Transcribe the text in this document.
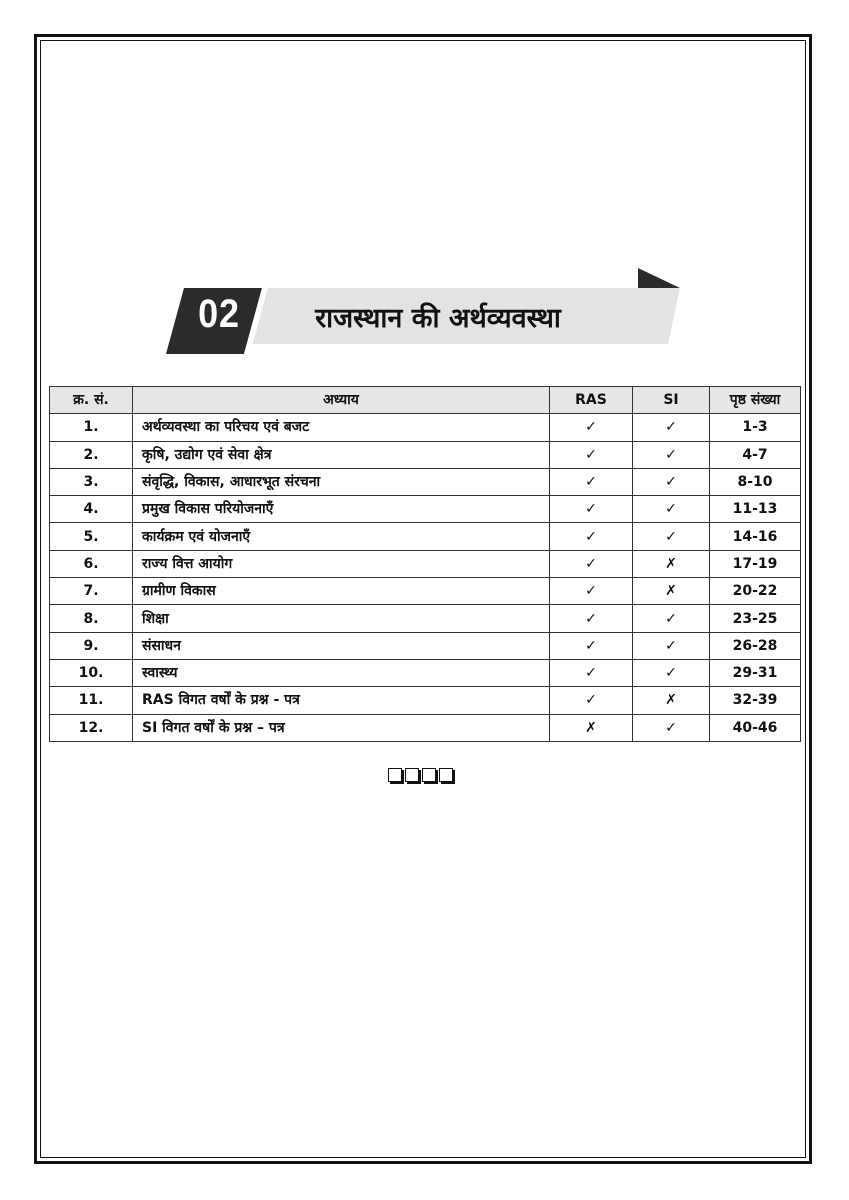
02	राजस्थान की अर्थव्यवस्था
क्र. सं.	अध्याय	RAS	SI	पृष्ठ संख्या
1.	अर्थव्यवस्था का परिचय एवं बजट	✓	✓	1-3
2.	कृषि, उद्योग एवं सेवा क्षेत्र	✓	✓	4-7
3.	संवृद्धि, विकास, आधारभूत संरचना	✓	✓	8-10
4.	प्रमुख विकास परियोजनाएँ	✓	✓	11-13
5.	कार्यक्रम एवं योजनाएँ	✓	✓	14-16
6.	राज्य वित्त आयोग	✓	✗	17-19
7.	ग्रामीण विकास	✓	✗	20-22
8.	शिक्षा	✓	✓	23-25
9.	संसाधन	✓	✓	26-28
10.	स्वास्थ्य	✓	✓	29-31
11.	RAS विगत वर्षों के प्रश्न - पत्र	✓	✗	32-39
12.	SI विगत वर्षों के प्रश्न – पत्र	✗	✓	40-46
